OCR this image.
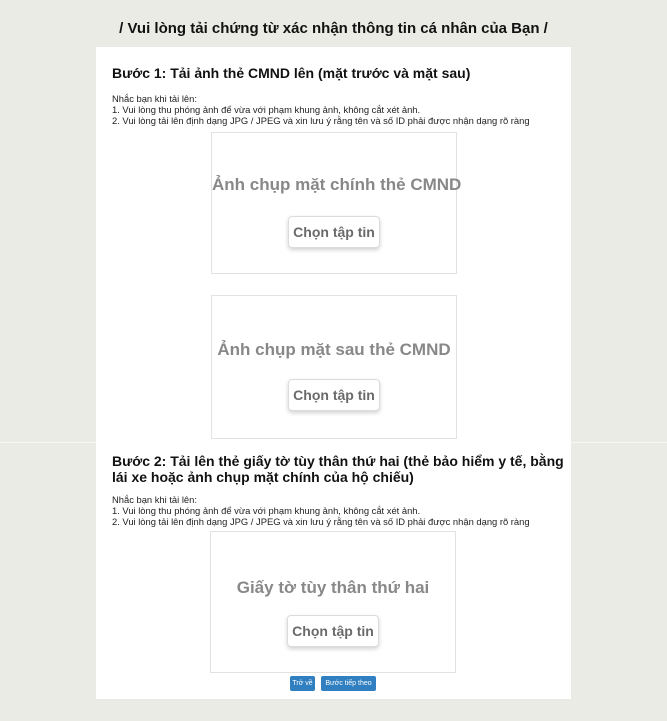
/ Vui lòng tải chứng từ xác nhận thông tin cá nhân của Bạn /
Bước 1: Tải ảnh thẻ CMND lên (mặt trước và mặt sau)
Nhắc bạn khi tải lên:
1. Vui lòng thu phóng ảnh để vừa với phạm khung ảnh, không cắt xét ảnh.
2. Vui lòng tải lên định dạng JPG / JPEG và xin lưu ý rằng tên và số ID phải được nhận dạng rõ ràng
Ảnh chụp mặt chính thẻ CMND
Chọn tập tin
Ảnh chụp mặt sau thẻ CMND
Chọn tập tin
Bước 2: Tải lên thẻ giấy tờ tùy thân thứ hai (thẻ bảo hiểm y tế, bằng lái xe hoặc ảnh chụp mặt chính của hộ chiếu)
Nhắc bạn khi tải lên:
1. Vui lòng thu phóng ảnh để vừa với phạm khung ảnh, không cắt xét ảnh.
2. Vui lòng tải lên định dạng JPG / JPEG và xin lưu ý rằng tên và số ID phải được nhận dạng rõ ràng
Giấy tờ tùy thân thứ hai
Chọn tập tin
Trở về	Bước tiếp theo
